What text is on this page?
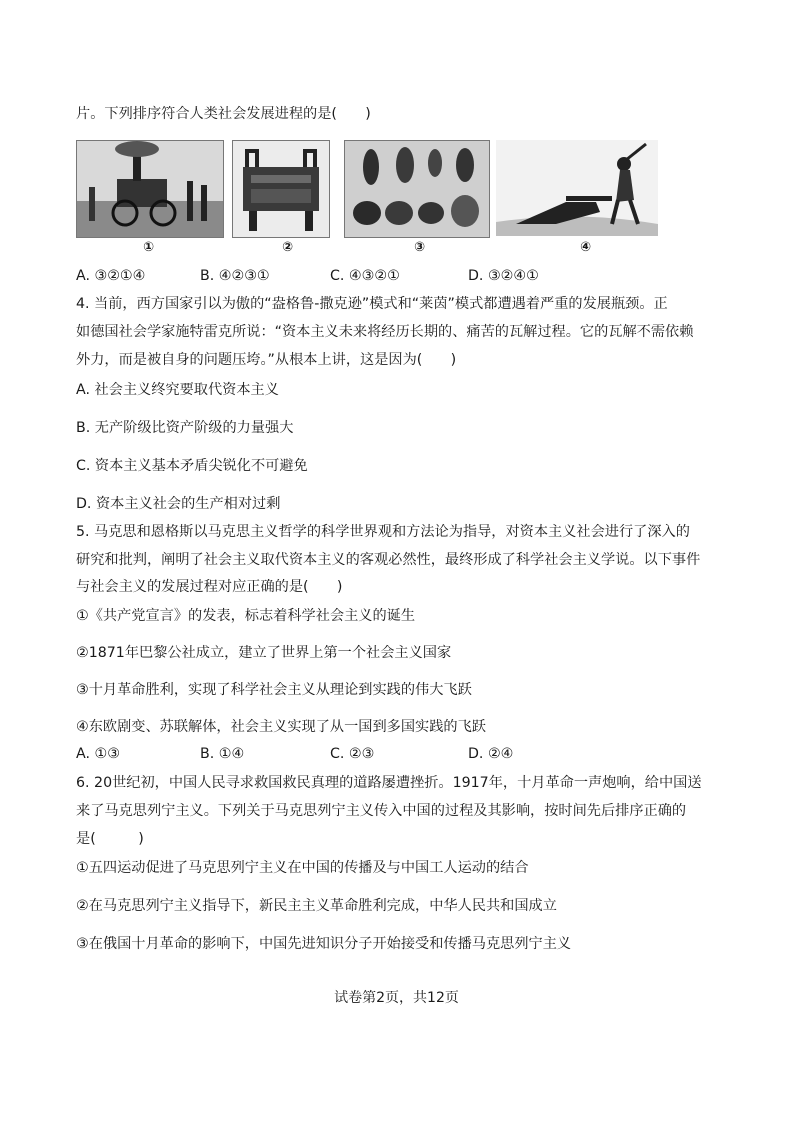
片。下列排序符合人类社会发展进程的是(　　)
①	②	③	④
A. ③②①④	B. ④②③①	C. ④③②①	D. ③②④①
4. 当前，西方国家引以为傲的“盎格鲁-撒克逊”模式和“莱茵”模式都遭遇着严重的发展瓶颈。正
如德国社会学家施特雷克所说：“资本主义未来将经历长期的、痛苦的瓦解过程。它的瓦解不需依赖
外力，而是被自身的问题压垮。”从根本上讲，这是因为(　　)
A. 社会主义终究要取代资本主义
B. 无产阶级比资产阶级的力量强大
C. 资本主义基本矛盾尖锐化不可避免
D. 资本主义社会的生产相对过剩
5. 马克思和恩格斯以马克思主义哲学的科学世界观和方法论为指导，对资本主义社会进行了深入的
研究和批判，阐明了社会主义取代资本主义的客观必然性，最终形成了科学社会主义学说。以下事件
与社会主义的发展过程对应正确的是(　　)
①《共产党宣言》的发表，标志着科学社会主义的诞生
②1871年巴黎公社成立，建立了世界上第一个社会主义国家
③十月革命胜利，实现了科学社会主义从理论到实践的伟大飞跃
④东欧剧变、苏联解体，社会主义实现了从一国到多国实践的飞跃
A. ①③	B. ①④	C. ②③	D. ②④
6. 20世纪初，中国人民寻求救国救民真理的道路屡遭挫折。1917年，十月革命一声炮响，给中国送
来了马克思列宁主义。下列关于马克思列宁主义传入中国的过程及其影响，按时间先后排序正确的
是(　　　)
①五四运动促进了马克思列宁主义在中国的传播及与中国工人运动的结合
②在马克思列宁主义指导下，新民主主义革命胜利完成，中华人民共和国成立
③在俄国十月革命的影响下，中国先进知识分子开始接受和传播马克思列宁主义
试卷第2页，共12页
